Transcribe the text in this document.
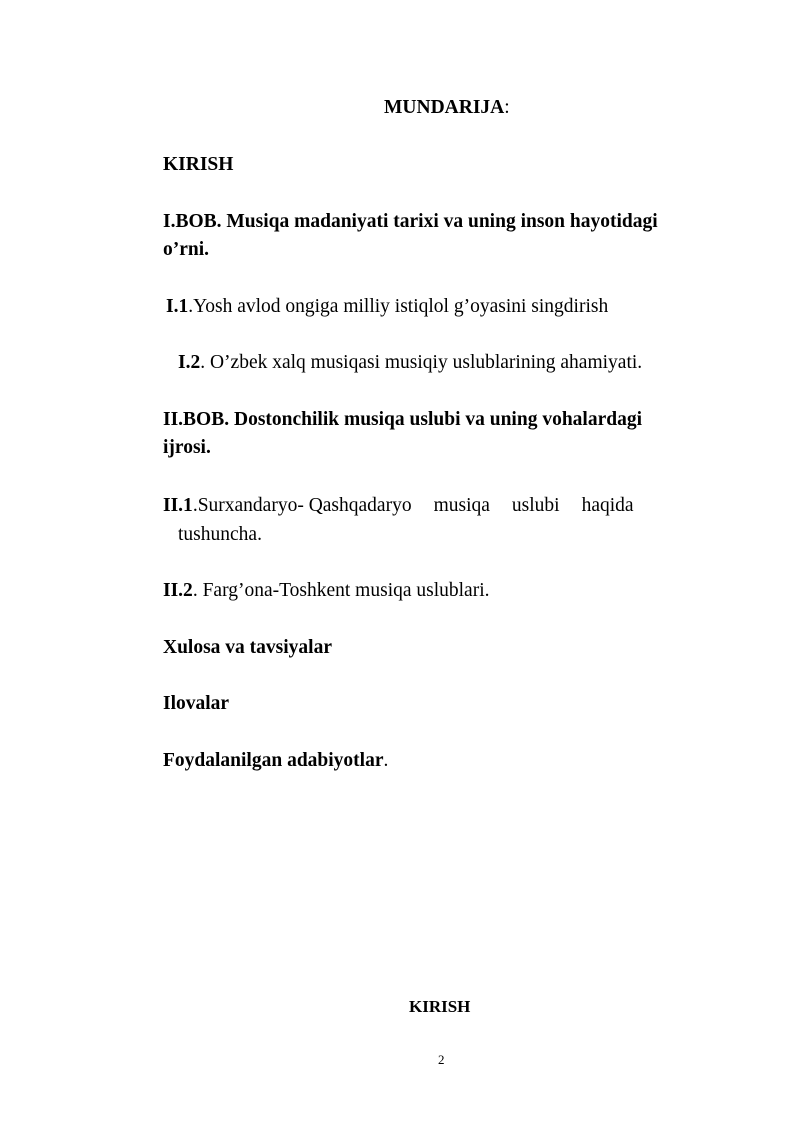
MUNDARIJA:
KIRISH
I.BOB. Musiqa madaniyati tarixi va uning inson hayotidagi
o’rni.
I.1.Yosh avlod ongiga milliy istiqlol g’oyasini singdirish
I.2. O’zbek xalq musiqasi musiqiy uslublarining ahamiyati.
II.BOB. Dostonchilik musiqa uslubi va uning vohalardagi
ijrosi.
II.1.Surxandaryo- Qashqadaryo musiqa uslubi haqida
tushuncha.
II.2. Farg’ona-Toshkent musiqa uslublari.
Xulosa va tavsiyalar
Ilovalar
Foydalanilgan adabiyotlar.
KIRISH
2
